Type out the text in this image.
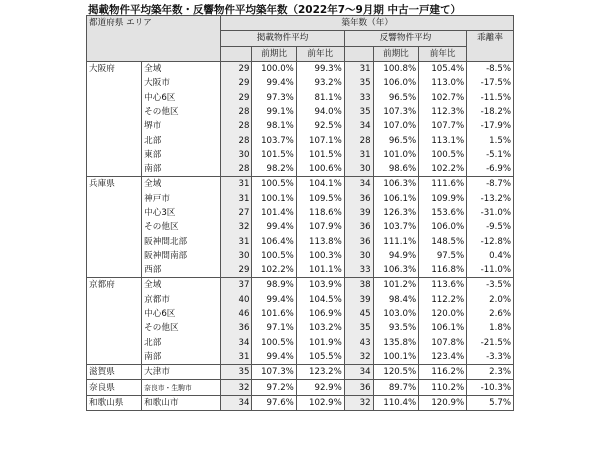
掲載物件平均築年数・反響物件平均築年数（2022年7～9月期 中古一戸建て）
都道府県 エリア		築年数（年）						
		掲載物件平均			反響物件平均			乖離率
			前期比	前年比		前期比	前年比	
大阪府	全域	29	100.0%	99.3%	31	100.8%	105.4%	-8.5%
	大阪市	29	99.4%	93.2%	35	106.0%	113.0%	-17.5%
	中心6区	29	97.3%	81.1%	33	96.5%	102.7%	-11.5%
	その他区	28	99.1%	94.0%	35	107.3%	112.3%	-18.2%
	堺市	28	98.1%	92.5%	34	107.0%	107.7%	-17.9%
	北部	28	103.7%	107.1%	28	96.5%	113.1%	1.5%
	東部	30	101.5%	101.5%	31	101.0%	100.5%	-5.1%
	南部	28	98.2%	100.6%	30	98.6%	102.2%	-6.9%
兵庫県	全域	31	100.5%	104.1%	34	106.3%	111.6%	-8.7%
	神戸市	31	100.1%	109.5%	36	106.1%	109.9%	-13.2%
	中心3区	27	101.4%	118.6%	39	126.3%	153.6%	-31.0%
	その他区	32	99.4%	107.9%	36	103.7%	106.0%	-9.5%
	阪神間北部	31	106.4%	113.8%	36	111.1%	148.5%	-12.8%
	阪神間南部	30	100.5%	100.3%	30	94.9%	97.5%	0.4%
	西部	29	102.2%	101.1%	33	106.3%	116.8%	-11.0%
京都府	全域	37	98.9%	103.9%	38	101.2%	113.6%	-3.5%
	京都市	40	99.4%	104.5%	39	98.4%	112.2%	2.0%
	中心6区	46	101.6%	106.9%	45	103.0%	120.0%	2.6%
	その他区	36	97.1%	103.2%	35	93.5%	106.1%	1.8%
	北部	34	100.5%	101.9%	43	135.8%	107.8%	-21.5%
	南部	31	99.4%	105.5%	32	100.1%	123.4%	-3.3%
滋賀県	大津市	35	107.3%	123.2%	34	120.5%	116.2%	2.3%
奈良県	奈良市・生駒市	32	97.2%	92.9%	36	89.7%	110.2%	-10.3%
和歌山県	和歌山市	34	97.6%	102.9%	32	110.4%	120.9%	5.7%
